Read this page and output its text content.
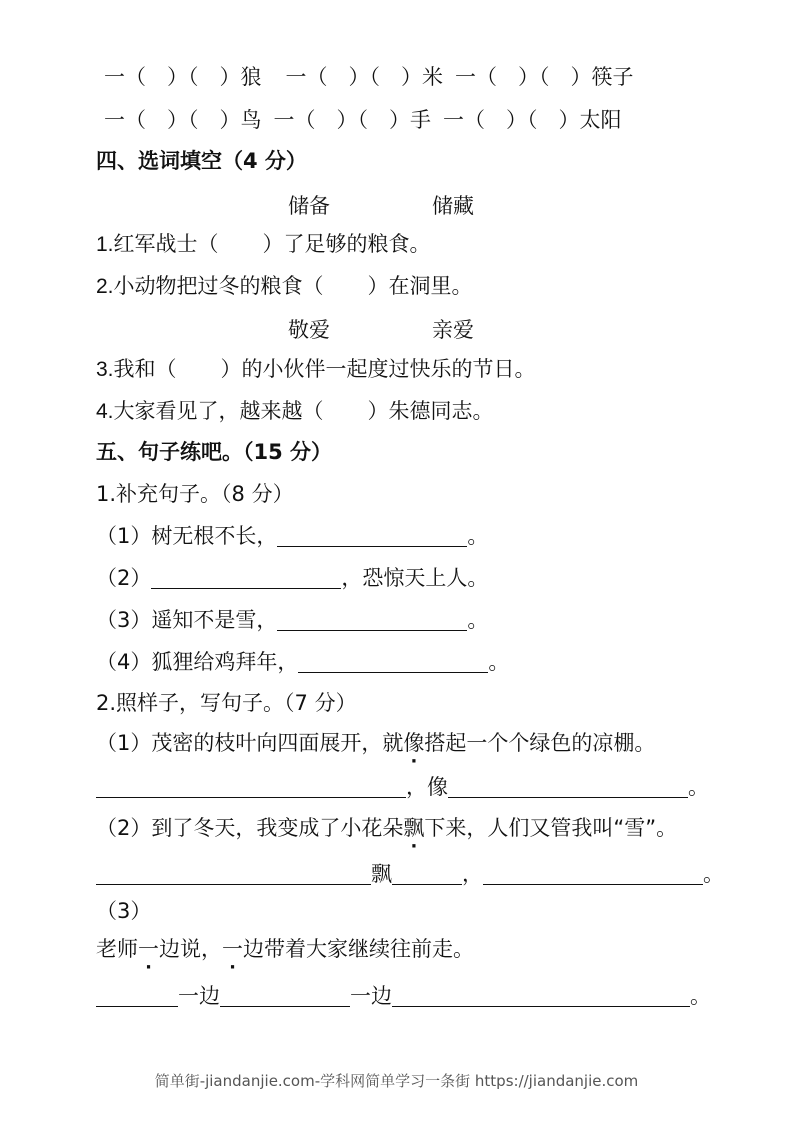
一（　）（　）狼 一（　）（　）米 一（　）（　）筷子
一（　）（　）鸟 一（　）（　）手 一（　）（　）太阳
四、选词填空（4 分）
储备	储藏
1.红军战士（ ）了足够的粮食。
2.小动物把过冬的粮食（ ）在洞里。
敬爱	亲爱
3.我和（ ）的小伙伴一起度过快乐的节日。
4.大家看见了，越来越（ ）朱德同志。
五、句子练吧。（15 分）
1.补充句子。（8 分）
（1）树无根不长，	。
（2）	，恐惊天上人。
（3）遥知不是雪，	。
（4）狐狸给鸡拜年，	。
2.照样子，写句子。（7 分）
（1）茂密的枝叶向四面展开，就像搭起一个个绿色的凉棚。
，像	。
（2）到了冬天，我变成了小花朵飘下来，人们又管我叫“雪”。
飘	，	。
（3）
老师一边说，一边带着大家继续往前走。
一边	一边	。
简单街-jiandanjie.com-学科网简单学习一条街 https://jiandanjie.com
